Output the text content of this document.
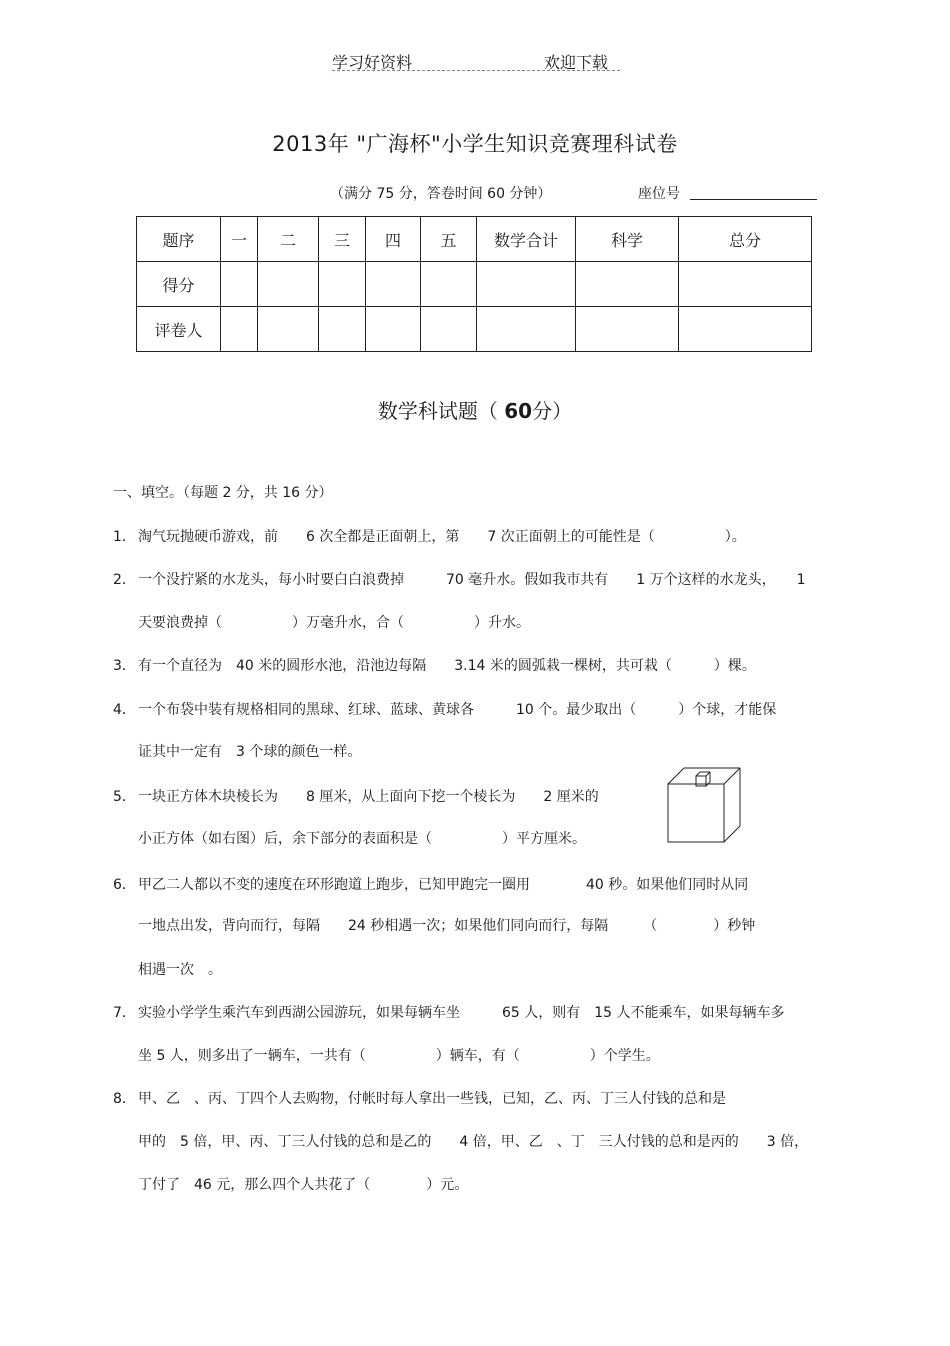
学习好资料	欢迎下载
2013年 "广海杯"小学生知识竞赛理科试卷
（满分 75 分，答卷时间 60 分钟）	座位号
题序	一	二	三	四	五	数学合计	科学	总分
得分								
评卷人								
数学科试题（ 60分）
一、填空。（每题 2 分，共 16 分）
1． 淘气玩抛硬币游戏，前　　6 次全都是正面朝上，第　　7 次正面朝上的可能性是（　　　　　）。
2． 一个没拧紧的水龙头，每小时要白白浪费掉　　　70 毫升水。假如我市共有　　1 万个这样的水龙头，　　1
天要浪费掉（　　　　　）万毫升水，合（　　　　　）升水。
3． 有一个直径为　40 米的圆形水池，沿池边每隔　　3.14 米的圆弧栽一棵树，共可栽（　　　）棵。
4． 一个布袋中装有规格相同的黑球、红球、蓝球、黄球各　　　10 个。最少取出（　　　）个球，才能保
证其中一定有　3 个球的颜色一样。
5． 一块正方体木块棱长为　　8 厘米，从上面向下挖一个棱长为　　2 厘米的
小正方体（如右图）后，余下部分的表面积是（　　　　　）平方厘米。
6． 甲乙二人都以不变的速度在环形跑道上跑步，已知甲跑完一圈用　　　　40 秒。如果他们同时从同
一地点出发，背向而行，每隔　　24 秒相遇一次；如果他们同向而行，每隔　　　（　　　　）秒钟
相遇一次　。
7． 实验小学学生乘汽车到西湖公园游玩，如果每辆车坐　　　65 人，则有　15 人不能乘车，如果每辆车多
坐 5 人，则多出了一辆车，一共有（　　　　　）辆车，有（　　　　　）个学生。
8． 甲、乙　、丙、丁四个人去购物，付帐时每人拿出一些钱，已知，乙、丙、丁三人付钱的总和是
甲的　5 倍，甲、丙、丁三人付钱的总和是乙的　　4 倍，甲、乙　、丁　三人付钱的总和是丙的　　3 倍，
丁付了　46 元，那么四个人共花了（　　　　）元。
